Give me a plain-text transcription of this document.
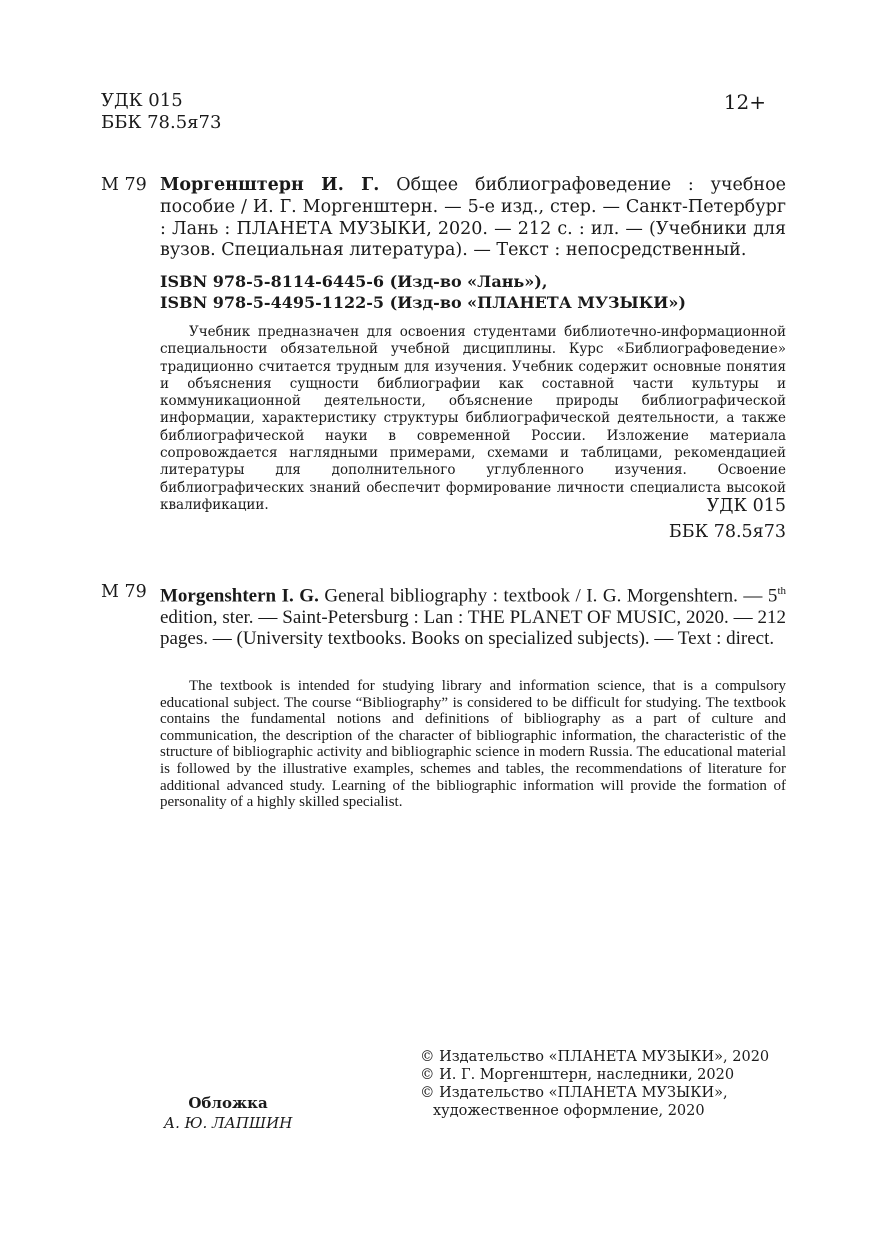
УДК 015
ББК 78.5я73
12+
М 79 Моргенштерн И. Г. Общее библиографоведение : учебное пособие / И. Г. Моргенштерн. — 5-е изд., стер. — Санкт-Петербург : Лань : ПЛАНЕТА МУЗЫКИ, 2020. — 212 с. : ил. — (Учебники для вузов. Специальная литература). — Текст : непосредственный.
ISBN 978-5-8114-6445-6 (Изд-во «Лань»),
ISBN 978-5-4495-1122-5 (Изд-во «ПЛАНЕТА МУЗЫКИ»)

Учебник предназначен для освоения студентами библиотечно-информационной специальности обязательной учебной дисциплины. Курс «Библиографоведение» традиционно считается трудным для изучения. Учебник содержит основные понятия и объяснения сущности библиографии как составной части культуры и коммуникационной деятельности, объяснение природы библиографической информации, характеристику структуры библиографической деятельности, а также библиографической науки в современной России. Изложение материала сопровождается наглядными примерами, схемами и таблицами, рекомендацией литературы для дополнительного углубленного изучения. Освоение библиографических знаний обеспечит формирование личности специалиста высокой квалификации.	УДК 015
ББК 78.5я73
М 79 Morgenshtern I. G. General bibliography : textbook / I. G. Morgenshtern. — 5th edition, ster. — Saint-Petersburg : Lan : THE PLANET OF MUSIC, 2020. — 212 pages. — (University textbooks. Books on specialized subjects). — Text : direct.

The textbook is intended for studying library and information science, that is a compulsory educational subject. The course “Bibliography” is considered to be difficult for studying. The textbook contains the fundamental notions and definitions of bibliography as a part of culture and communication, the description of the character of bibliographic information, the characteristic of the structure of bibliographic activity and bibliographic science in modern Russia. The educational material is followed by the illustrative examples, schemes and tables, the recommendations of literature for additional advanced study. Learning of the bibliographic information will provide the formation of personality of a highly skilled specialist.

Обложка
А. Ю. ЛАПШИН
© Издательство «ПЛАНЕТА МУЗЫКИ», 2020
© И. Г. Моргенштерн, наследники, 2020
© Издательство «ПЛАНЕТА МУЗЫКИ»,
художественное оформление, 2020
